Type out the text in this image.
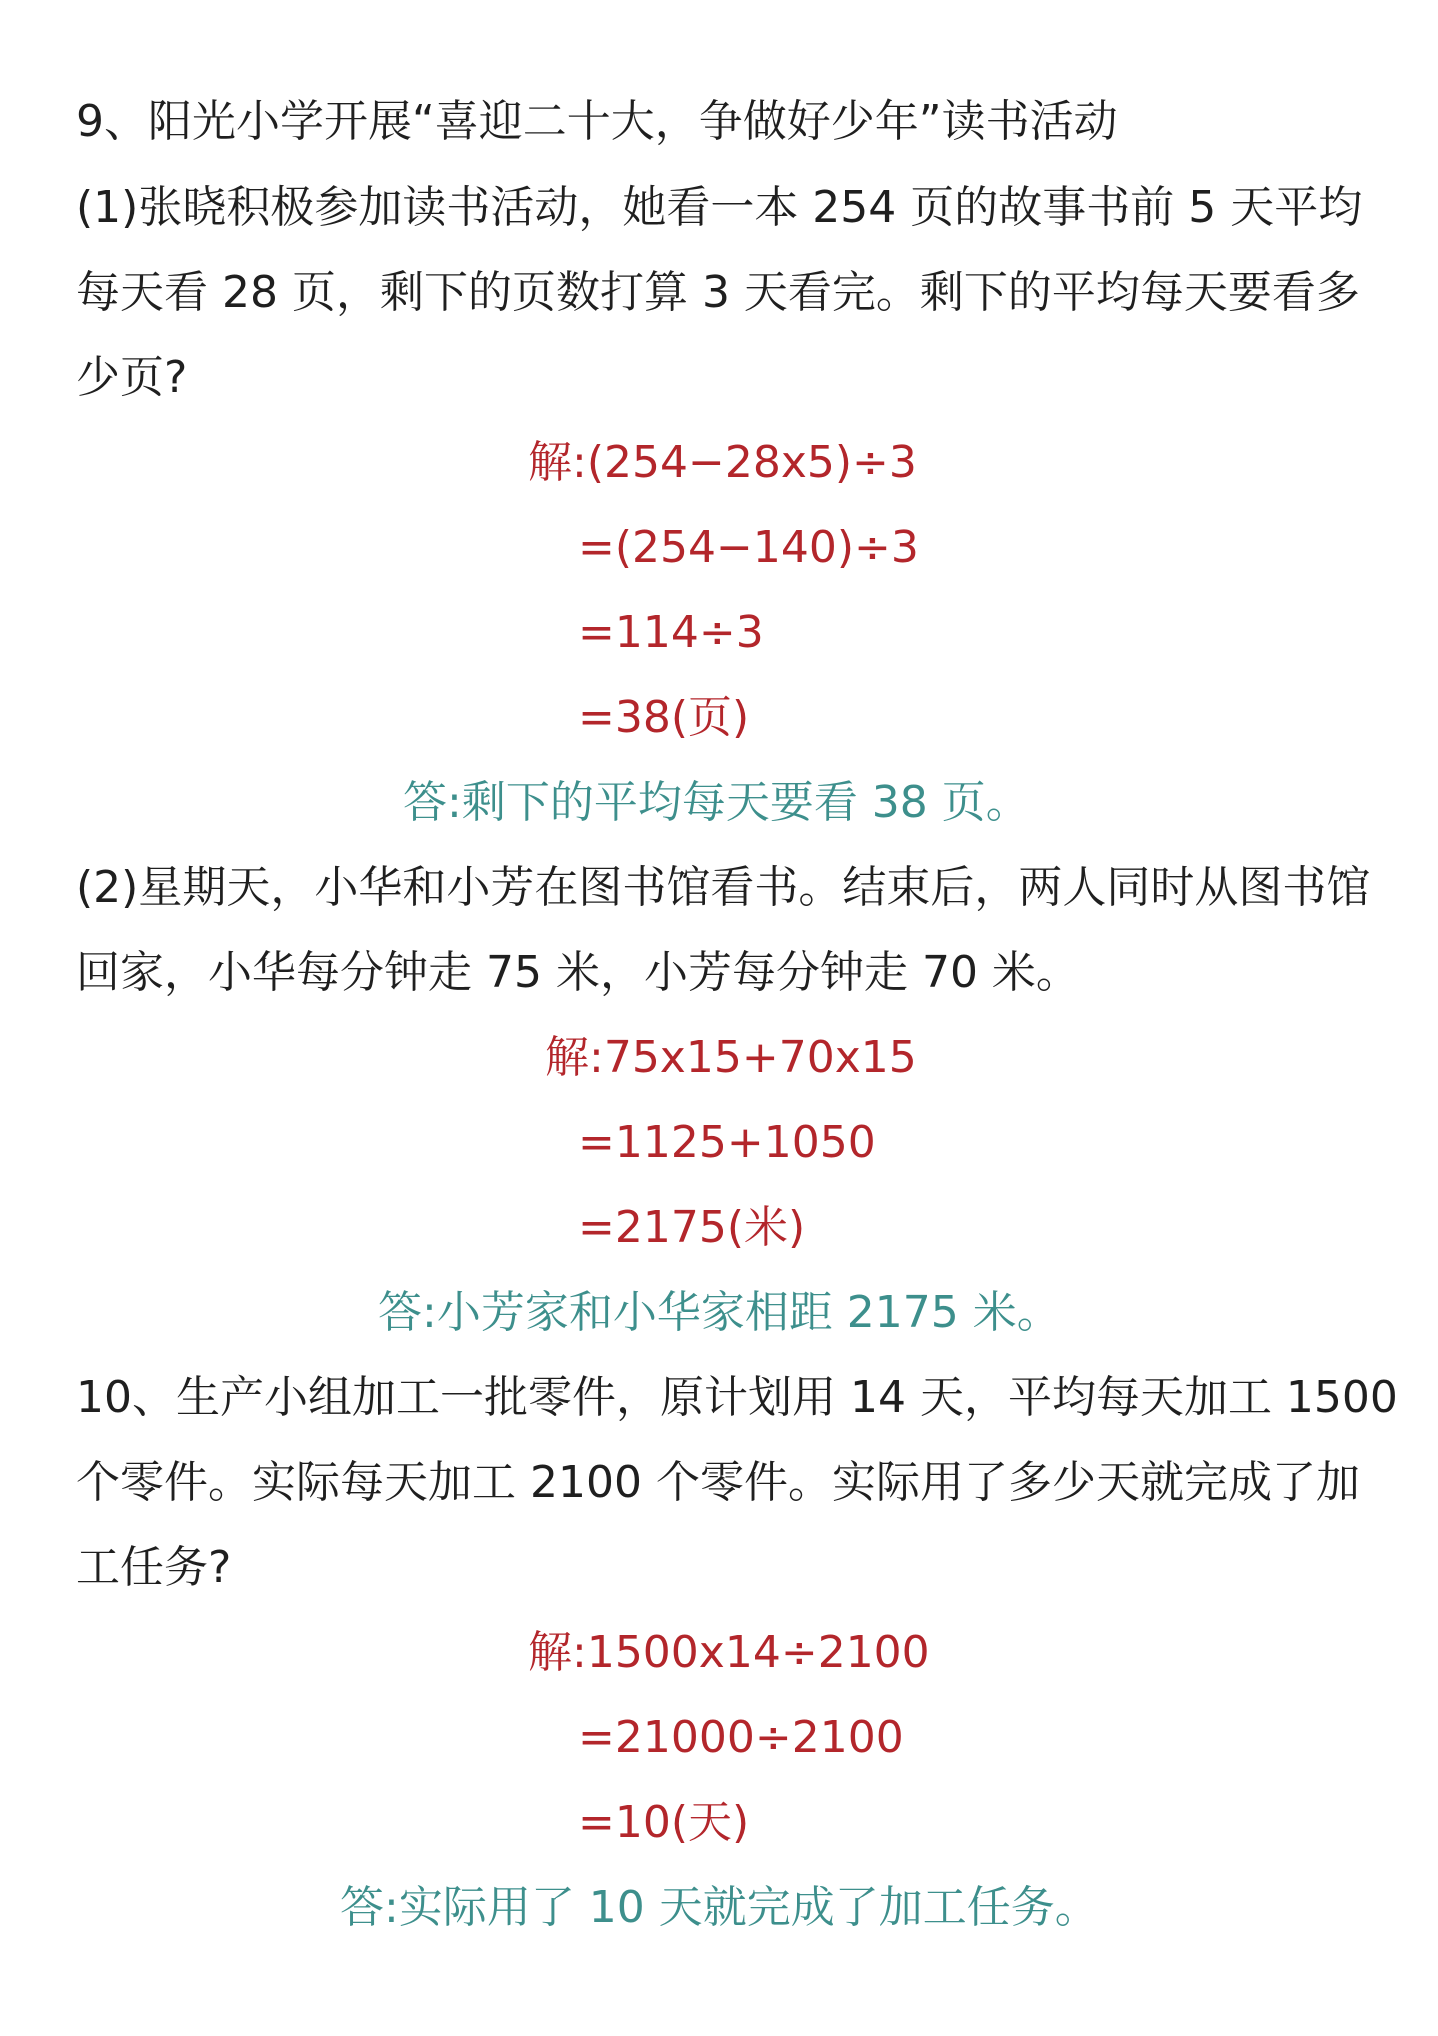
9、阳光小学开展“喜迎二十大，争做好少年”读书活动
(1)张晓积极参加读书活动，她看一本 254 页的故事书前 5 天平均
每天看 28 页，剩下的页数打算 3 天看完。剩下的平均每天要看多
少页?
解:(254−28x5)÷3
=(254−140)÷3
=114÷3
=38(页)
答:剩下的平均每天要看 38 页。
(2)星期天，小华和小芳在图书馆看书。结束后，两人同时从图书馆
回家，小华每分钟走 75 米，小芳每分钟走 70 米。
解:75x15+70x15
=1125+1050
=2175(米)
答:小芳家和小华家相距 2175 米。
10、生产小组加工一批零件，原计划用 14 天，平均每天加工 1500
个零件。实际每天加工 2100 个零件。实际用了多少天就完成了加
工任务?
解:1500x14÷2100
=21000÷2100
=10(天)
答:实际用了 10 天就完成了加工任务。
